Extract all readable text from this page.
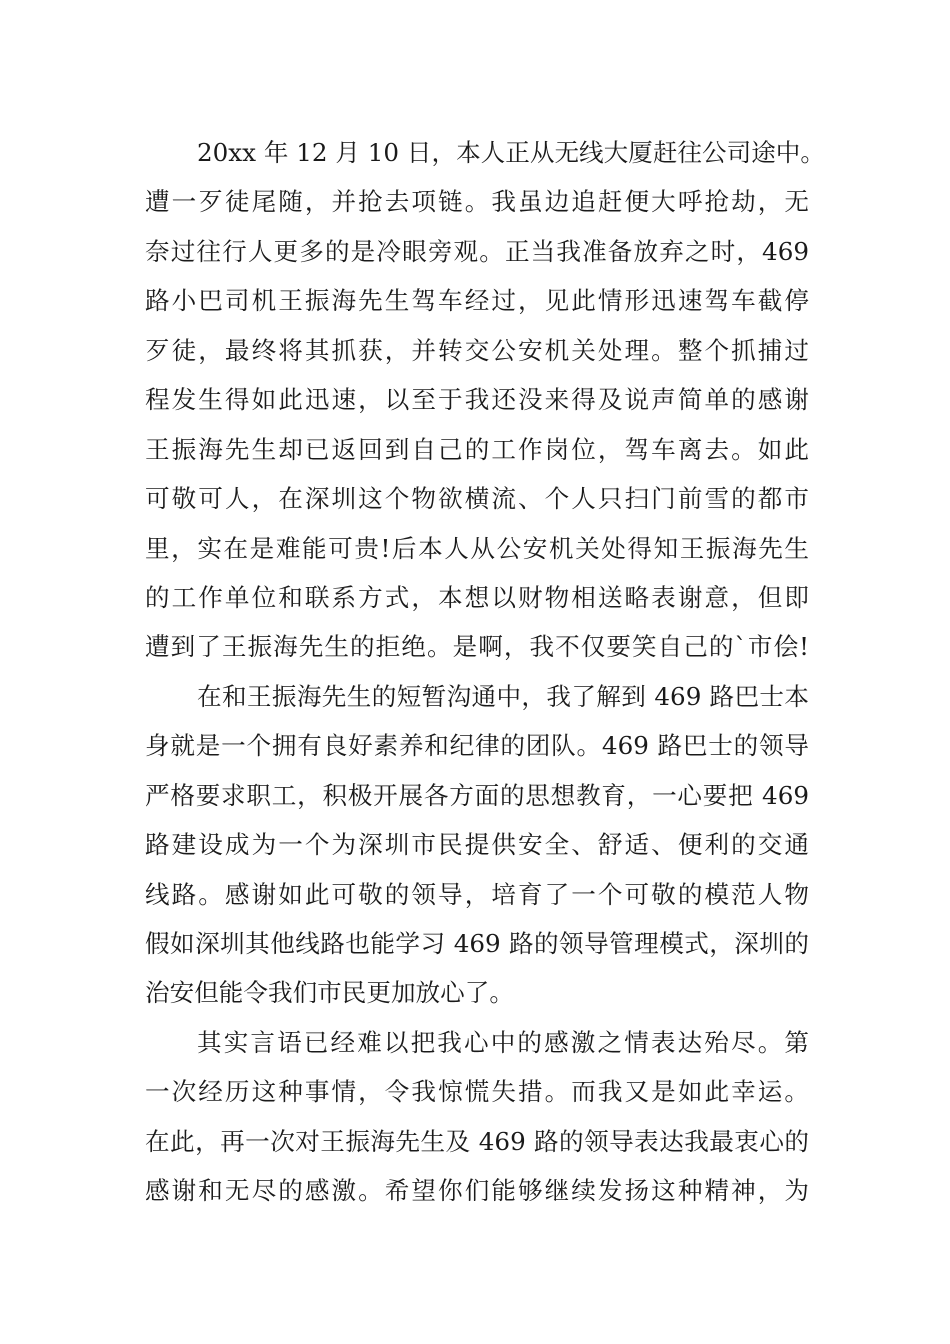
20xx 年 12 月 10 日，本人正从无线大厦赶往公司途中。
遭一歹徒尾随，并抢去项链。我虽边追赶便大呼抢劫，无
奈过往行人更多的是冷眼旁观。正当我准备放弃之时，469
路小巴司机王振海先生驾车经过，见此情形迅速驾车截停
歹徒，最终将其抓获，并转交公安机关处理。整个抓捕过
程发生得如此迅速，以至于我还没来得及说声简单的感谢
王振海先生却已返回到自己的工作岗位，驾车离去。如此
可敬可人，在深圳这个物欲横流、个人只扫门前雪的都市
里，实在是难能可贵!后本人从公安机关处得知王振海先生
的工作单位和联系方式，本想以财物相送略表谢意，但即
遭到了王振海先生的拒绝。是啊，我不仅要笑自己的`市侩!
在和王振海先生的短暂沟通中，我了解到 469 路巴士本
身就是一个拥有良好素养和纪律的团队。469 路巴士的领导
严格要求职工，积极开展各方面的思想教育，一心要把 469
路建设成为一个为深圳市民提供安全、舒适、便利的交通
线路。感谢如此可敬的领导，培育了一个可敬的模范人物
假如深圳其他线路也能学习 469 路的领导管理模式，深圳的
治安但能令我们市民更加放心了。
其实言语已经难以把我心中的感激之情表达殆尽。第
一次经历这种事情，令我惊慌失措。而我又是如此幸运。
在此，再一次对王振海先生及 469 路的领导表达我最衷心的
感谢和无尽的感激。希望你们能够继续发扬这种精神，为
